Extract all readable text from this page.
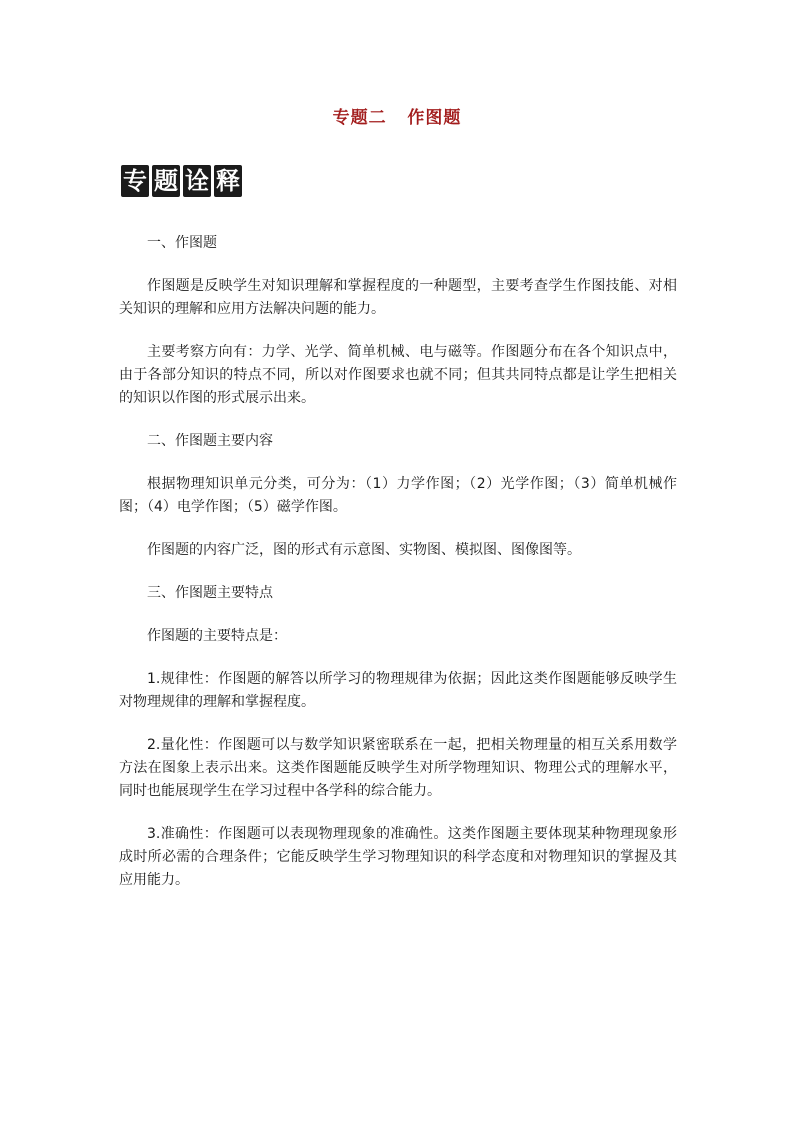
专题二   作图题
专 题 诠 释

一、作图题

作图题是反映学生对知识理解和掌握程度的一种题型，主要考查学生作图技能、对相关知识的理解和应用方法解决问题的能力。

主要考察方向有：力学、光学、简单机械、电与磁等。作图题分布在各个知识点中，由于各部分知识的特点不同，所以对作图要求也就不同；但其共同特点都是让学生把相关的知识以作图的形式展示出来。

二、作图题主要内容

根据物理知识单元分类，可分为：（1）力学作图；（2）光学作图；（3）简单机械作图；（4）电学作图；（5）磁学作图。

作图题的内容广泛，图的形式有示意图、实物图、模拟图、图像图等。

三、作图题主要特点

作图题的主要特点是：

1.规律性：作图题的解答以所学习的物理规律为依据；因此这类作图题能够反映学生对物理规律的理解和掌握程度。

2.量化性：作图题可以与数学知识紧密联系在一起，把相关物理量的相互关系用数学方法在图象上表示出来。这类作图题能反映学生对所学物理知识、物理公式的理解水平，同时也能展现学生在学习过程中各学科的综合能力。

3.准确性：作图题可以表现物理现象的准确性。这类作图题主要体现某种物理现象形成时所必需的合理条件；它能反映学生学习物理知识的科学态度和对物理知识的掌握及其应用能力。
